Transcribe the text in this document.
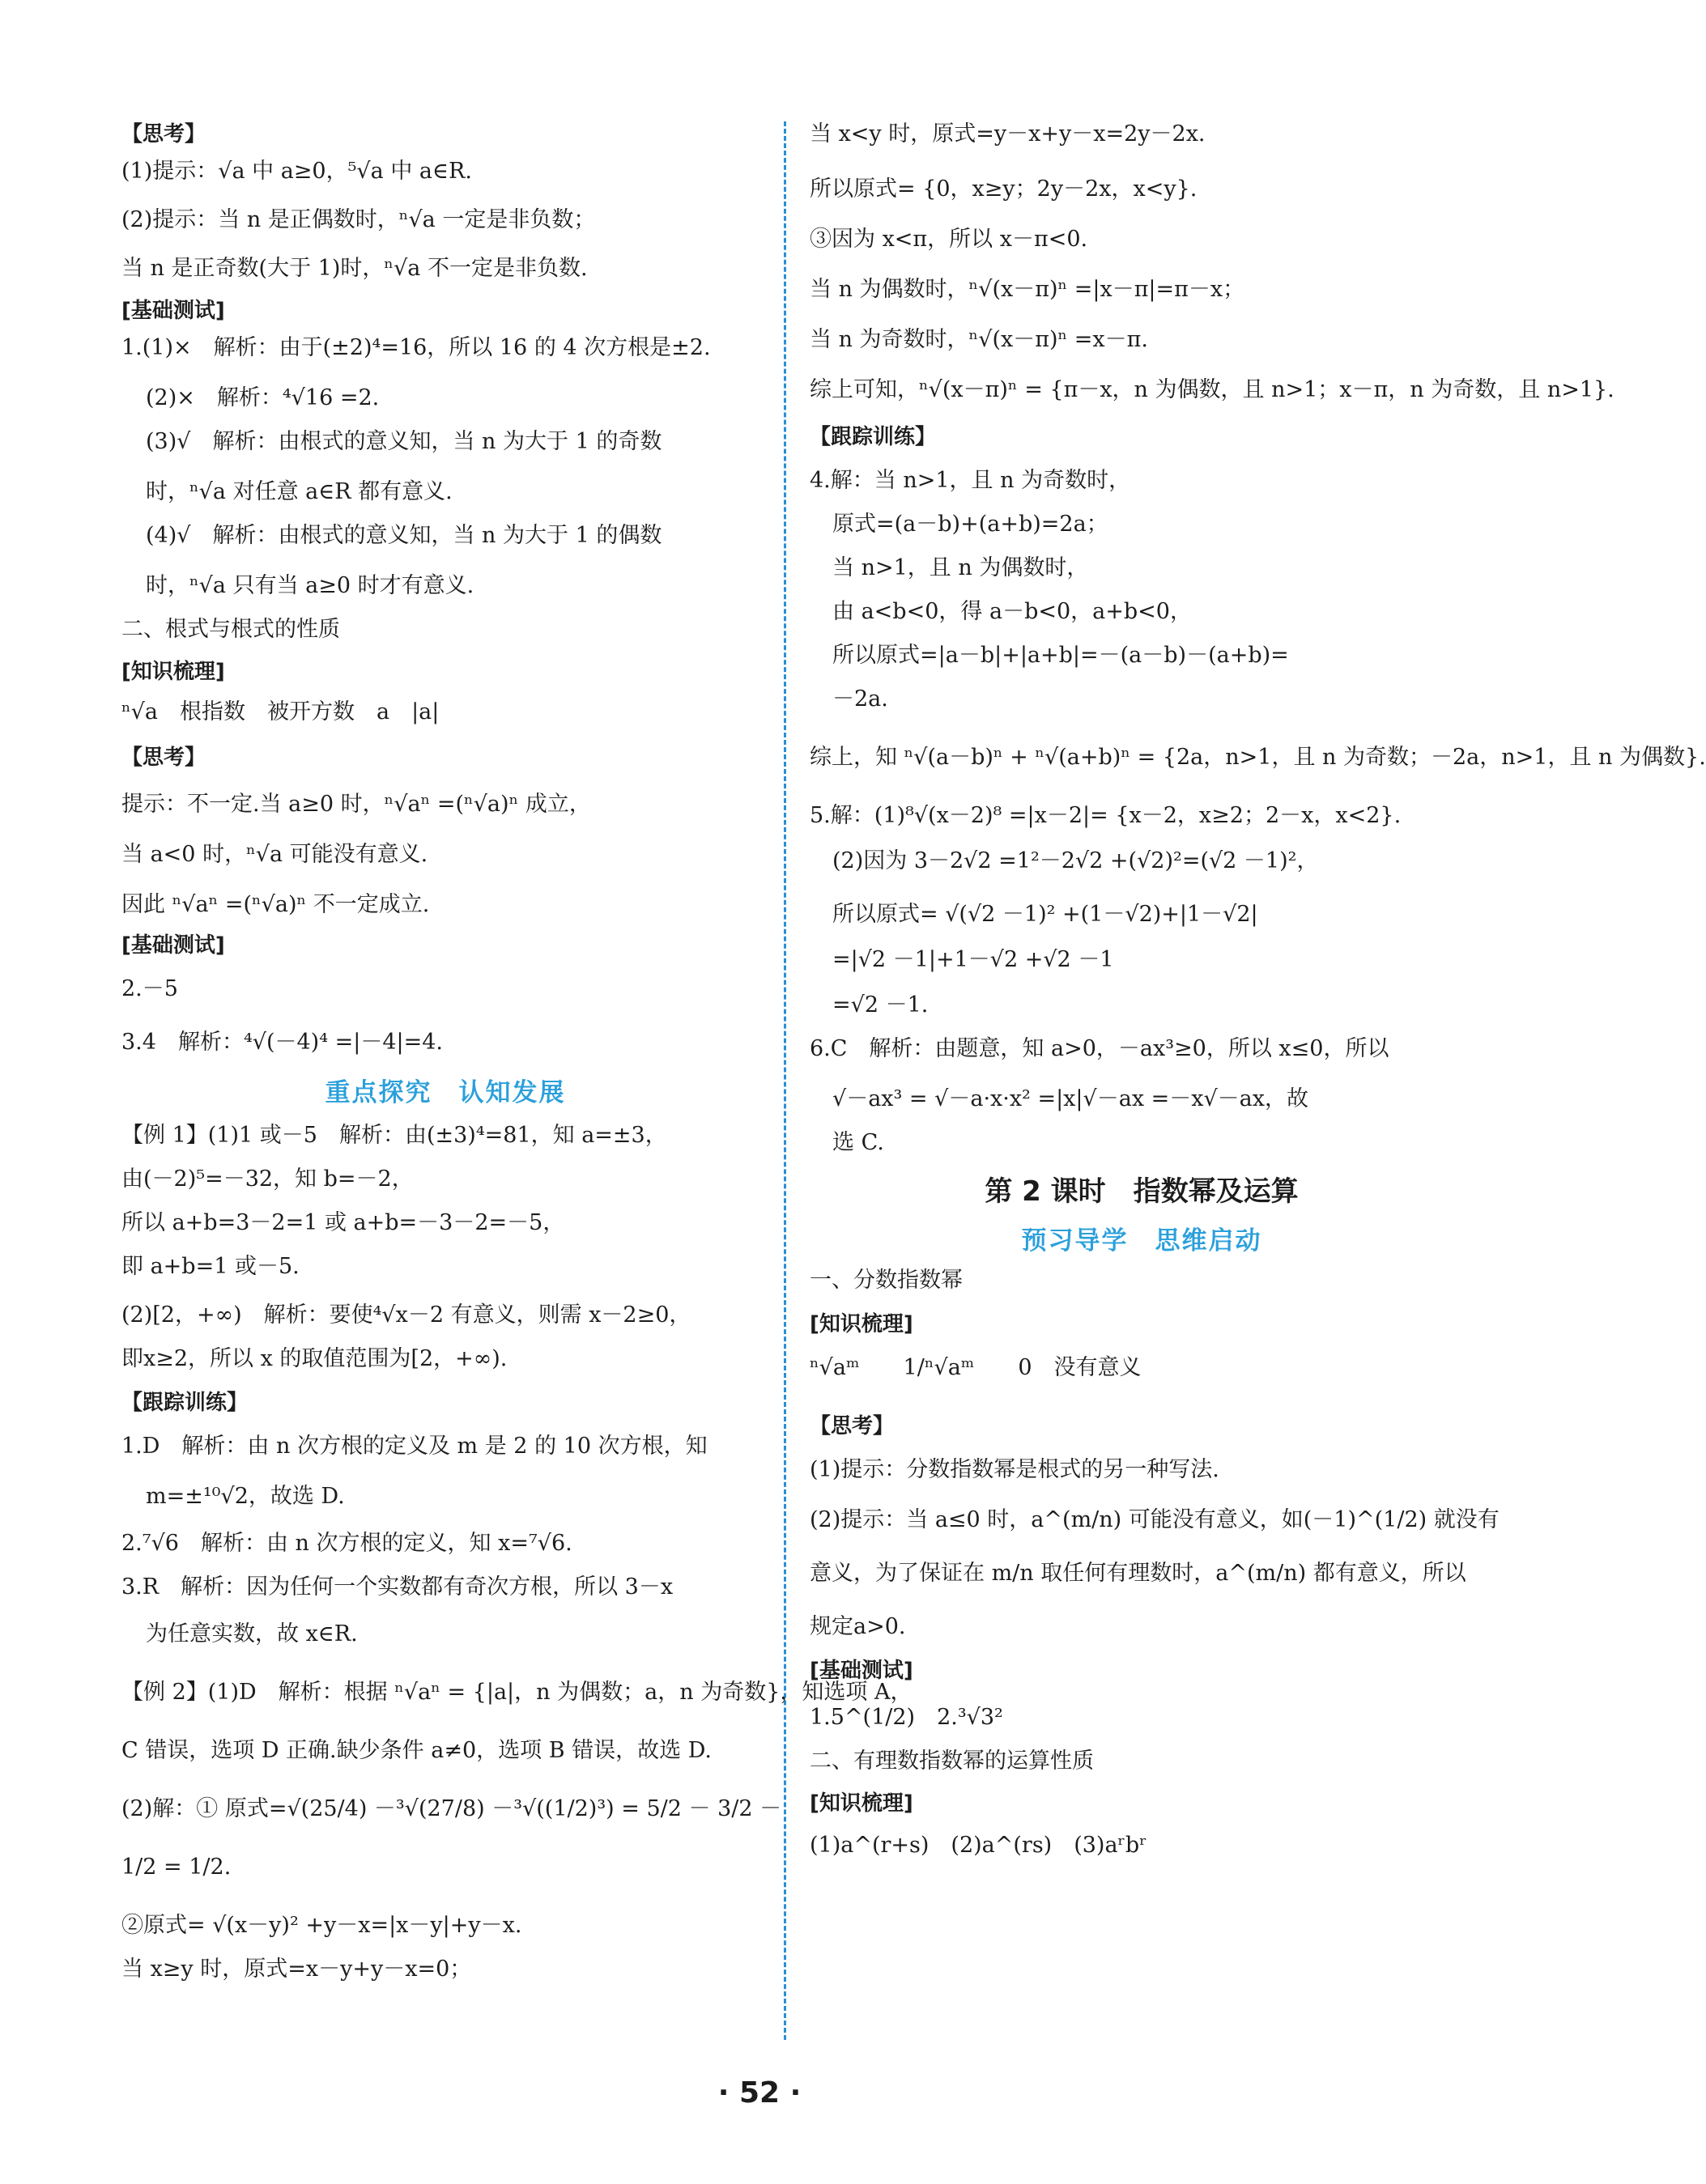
【思考】
(1)提示：√a 中 a≥0，⁵√a 中 a∈R.
(2)提示：当 n 是正偶数时，ⁿ√a 一定是非负数；
当 n 是正奇数(大于 1)时，ⁿ√a 不一定是非负数.
[基础测试]
1.(1)×　解析：由于(±2)⁴=16，所以 16 的 4 次方根是±2.
(2)×　解析：⁴√16 =2.
(3)√　解析：由根式的意义知，当 n 为大于 1 的奇数
时，ⁿ√a 对任意 a∈R 都有意义.
(4)√　解析：由根式的意义知，当 n 为大于 1 的偶数
时，ⁿ√a 只有当 a≥0 时才有意义.
二、根式与根式的性质
[知识梳理]
ⁿ√a　根指数　被开方数　a　|a|
【思考】
提示：不一定.当 a≥0 时，ⁿ√aⁿ =(ⁿ√a)ⁿ 成立，
当 a<0 时，ⁿ√a 可能没有意义.
因此 ⁿ√aⁿ =(ⁿ√a)ⁿ 不一定成立.
[基础测试]
2.－5
3.4　解析：⁴√(－4)⁴ =|－4|=4.
重点探究　认知发展
【例 1】(1)1 或－5　解析：由(±3)⁴=81，知 a=±3，
由(－2)⁵=－32，知 b=－2，
所以 a+b=3－2=1 或 a+b=－3－2=－5，
即 a+b=1 或－5.
(2)[2，+∞)　解析：要使⁴√x－2 有意义，则需 x－2≥0，
即x≥2，所以 x 的取值范围为[2，+∞).
【跟踪训练】
1.D　解析：由 n 次方根的定义及 m 是 2 的 10 次方根，知
m=±¹⁰√2，故选 D.
2.⁷√6　解析：由 n 次方根的定义，知 x=⁷√6.
3.R　解析：因为任何一个实数都有奇次方根，所以 3－x
为任意实数，故 x∈R.
【例 2】(1)D　解析：根据 ⁿ√aⁿ = {|a|，n 为偶数；a，n 为奇数}，知选项 A，
C 错误，选项 D 正确.缺少条件 a≠0，选项 B 错误，故选 D.
(2)解：① 原式=√(25/4) －³√(27/8) －³√((1/2)³) = 5/2 － 3/2 －
1/2 = 1/2.
②原式= √(x－y)² +y－x=|x－y|+y－x.
当 x≥y 时，原式=x－y+y－x=0；
当 x<y 时，原式=y－x+y－x=2y－2x.
所以原式= {0，x≥y；2y－2x，x<y}.
③因为 x<π，所以 x－π<0.
当 n 为偶数时，ⁿ√(x－π)ⁿ =|x－π|=π－x；
当 n 为奇数时，ⁿ√(x－π)ⁿ =x－π.
综上可知，ⁿ√(x－π)ⁿ = {π－x，n 为偶数，且 n>1；x－π，n 为奇数，且 n>1}.
【跟踪训练】
4.解：当 n>1，且 n 为奇数时，
原式=(a－b)+(a+b)=2a；
当 n>1，且 n 为偶数时，
由 a<b<0，得 a－b<0，a+b<0，
所以原式=|a－b|+|a+b|=－(a－b)－(a+b)=
－2a.
综上，知 ⁿ√(a－b)ⁿ + ⁿ√(a+b)ⁿ = {2a，n>1，且 n 为奇数；－2a，n>1，且 n 为偶数}.
5.解：(1)⁸√(x－2)⁸ =|x－2|= {x－2，x≥2；2－x，x<2}.
(2)因为 3－2√2 =1²－2√2 +(√2)²=(√2 －1)²，
所以原式= √(√2 －1)² +(1－√2)+|1－√2|
=|√2 －1|+1－√2 +√2 －1
=√2 －1.
6.C　解析：由题意，知 a>0，－ax³≥0，所以 x≤0，所以
√－ax³ = √－a·x·x² =|x|√－ax =－x√－ax，故
选 C.
第 2 课时　指数幂及运算
预习导学　思维启动
一、分数指数幂
[知识梳理]
ⁿ√aᵐ　　1/ⁿ√aᵐ　　0　没有意义
【思考】
(1)提示：分数指数幂是根式的另一种写法.
(2)提示：当 a≤0 时，a^(m/n) 可能没有意义，如(－1)^(1/2) 就没有
意义，为了保证在 m/n 取任何有理数时，a^(m/n) 都有意义，所以
规定a>0.
[基础测试]
1.5^(1/2)　2.³√3²
二、有理数指数幂的运算性质
[知识梳理]
(1)a^(r+s)　(2)a^(rs)　(3)aʳbʳ
· 52 ·
